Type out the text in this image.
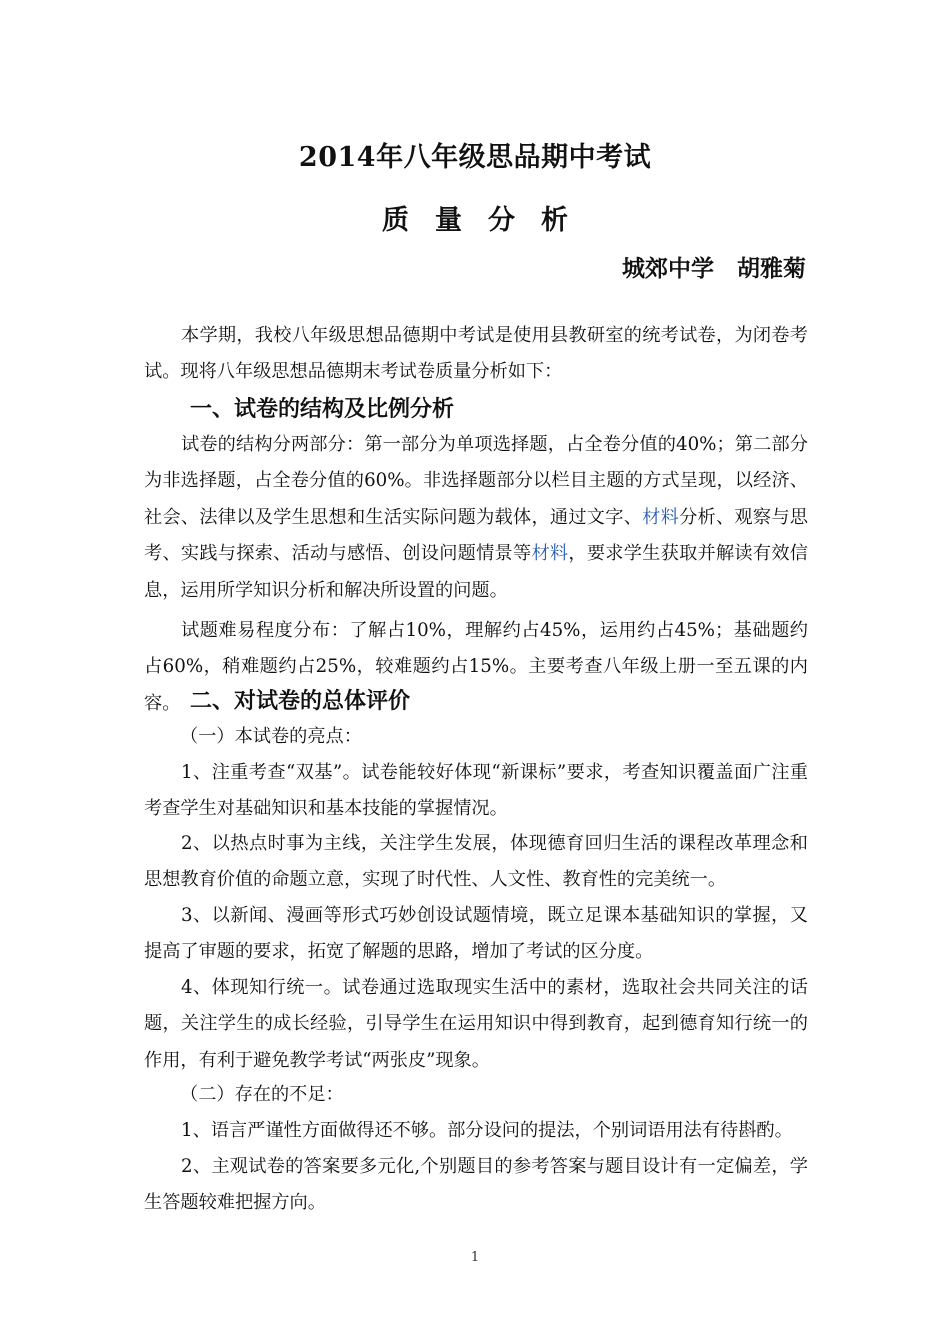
2014年八年级思品期中考试
质 量 分 析
城郊中学　胡雅菊
本学期，我校八年级思想品德期中考试是使用县教研室的统考试卷，为闭卷考试。现将八年级思想品德期末考试卷质量分析如下：
一、试卷的结构及比例分析
试卷的结构分两部分：第一部分为单项选择题，占全卷分值的40%；第二部分为非选择题，占全卷分值的60%。非选择题部分以栏目主题的方式呈现，以经济、社会、法律以及学生思想和生活实际问题为载体，通过文字、材料分析、观察与思考、实践与探索、活动与感悟、创设问题情景等材料，要求学生获取并解读有效信息，运用所学知识分析和解决所设置的问题。
试题难易程度分布：了解占10%，理解约占45%，运用约占45%；基础题约占60%，稍难题约占25%，较难题约占15%。主要考查八年级上册一至五课的内容。 二、对试卷的总体评价
（一）本试卷的亮点：
1、注重考查“双基”。试卷能较好体现“新课标”要求，考查知识覆盖面广注重考查学生对基础知识和基本技能的掌握情况。
2、以热点时事为主线，关注学生发展，体现德育回归生活的课程改革理念和思想教育价值的命题立意，实现了时代性、人文性、教育性的完美统一。
3、以新闻、漫画等形式巧妙创设试题情境，既立足课本基础知识的掌握，又提高了审题的要求，拓宽了解题的思路，增加了考试的区分度。
4、体现知行统一。试卷通过选取现实生活中的素材，选取社会共同关注的话题，关注学生的成长经验，引导学生在运用知识中得到教育，起到德育知行统一的作用，有利于避免教学考试“两张皮”现象。
（二）存在的不足：
1、语言严谨性方面做得还不够。部分设问的提法，个别词语用法有待斟酌。
2、主观试卷的答案要多元化,个别题目的参考答案与题目设计有一定偏差，学生答题较难把握方向。
1
